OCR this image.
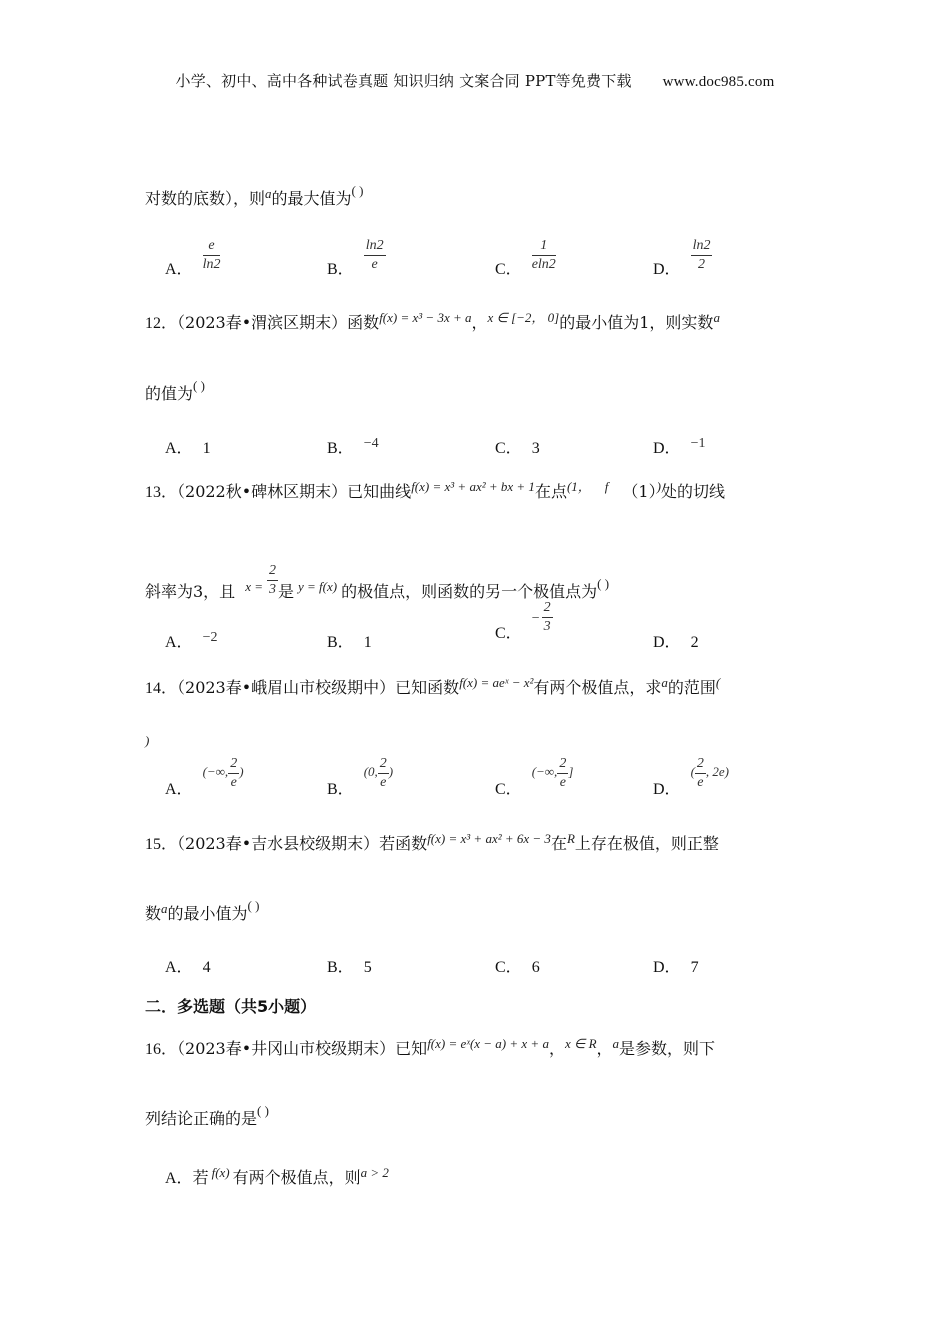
小学、初中、高中各种试卷真题 知识归纳 文案合同 PPT等免费下载 www.doc985.com
对数的底数），则$^a$的最大值为( )
A． $\frac{e}{\ln 2}$	B． $\frac{\ln 2}{e}$	C． $\frac{1}{eln2}$	D． $\frac{\ln 2}{2}$
12．（2023春•渭滨区期末）函数$^{f(x) = x^3 - 3x + a}$，$^{x \in [-2, 0]}$的最小值为1，则实数$^a$
的值为( )
A． 1	B． −4	C． 3	D． −1
13．（2022秋•碑林区期末）已知曲线$^{f(x) = x^3 + ax^2 + bx + 1}$在点$^{(1,}$ $^f$ （1）)处的切线
斜率为3，且 $^{x =} \frac{2}{3}$ 是 $^{y = f(x)}$ 的极值点，则函数的另一个极值点为( )
A． −2	B． 1
C．− $\frac{2}{3}$
D． 2
14．（2023春•峨眉山市校级期中）已知函数$^{f(x) = aeˣ - x^2}$有两个极值点，求$^a$的范围(
)
A．$^{(-\infty,} \frac{2}{e} ^)$
B．$^{(0,} \frac{2}{e} ^)$
C．$^{(-\infty,} \frac{2}{e} ^]$
D．$^( \frac{2}{e} ^{, 2e)}$
15．（2023春•吉水县校级期末）若函数$^{f(x) = x^3 + ax^2 + 6x - 3}$在$^R$上存在极值，则正整
数$^a$的最小值为( )
A． 4	B． 5	C． 6	D． 7
二．多选题（共5小题）
16．（2023春•井冈山市校级期末）已知$^{f(x) = eˣ(x - a) + x + a}$，$^{x \in R}$，$^a$是参数，则下
列结论正确的是( )
A．若 $^{f(x)}$ 有两个极值点，则$^{a > 2}$
